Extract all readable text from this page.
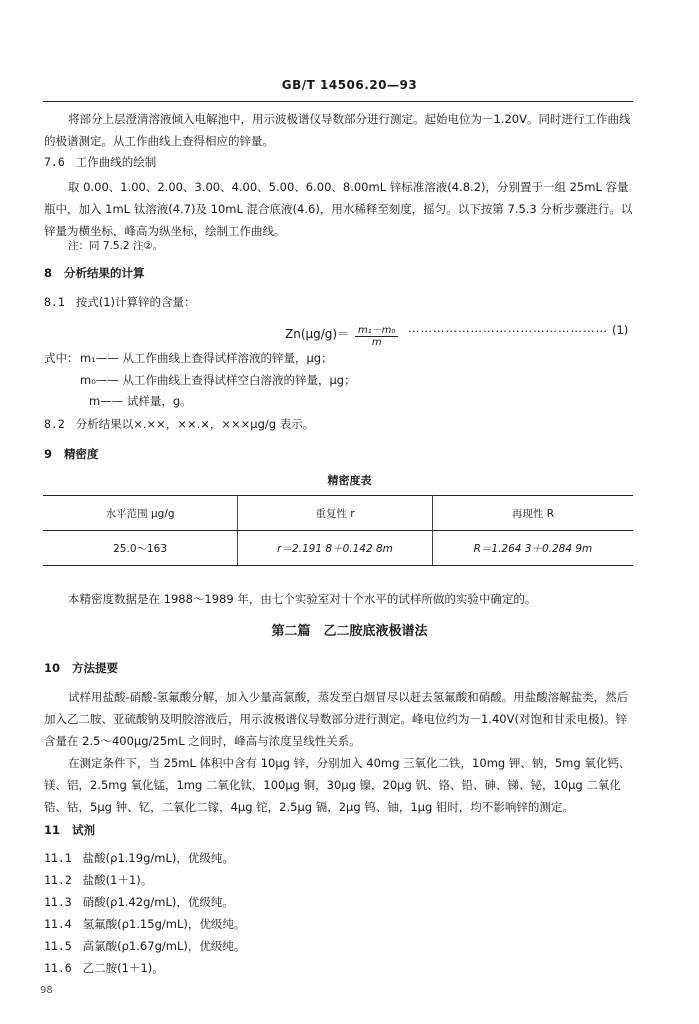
GB/T 14506.20—93
将部分上层澄清溶液倾入电解池中，用示波极谱仪导数部分进行测定。起始电位为－1.20V。同时进行工作曲线的极谱测定。从工作曲线上查得相应的锌量。
7.6 工作曲线的绘制
取 0.00、1.00、2.00、3.00、4.00、5.00、6.00、8.00mL 锌标准溶液(4.8.2)，分别置于一组 25mL 容量瓶中，加入 1mL 钛溶液(4.7)及 10mL 混合底液(4.6)，用水稀释至刻度，摇匀。以下按第 7.5.3 分析步骤进行。以锌量为横坐标，峰高为纵坐标，绘制工作曲线。
注：同 7.5.2 注②。
8 分析结果的计算
8.1 按式(1)计算锌的含量：
$Zn(\mu g/g)= \frac{\text{m₁－m₀}}{m}$ ………………………………………… (1)
式中： m₁—— 从工作曲线上查得试样溶液的锌量，μg；
m₀—— 从工作曲线上查得试样空白溶液的锌量，μg；
m—— 试样量，g。
8.2 分析结果以×.××，××.×，×××μg/g 表示。
9 精密度
精密度表
水平范围 μg/g	重复性 r	再现性 R
25.0～163	r＝2.191 8＋0.142 8m	R＝1.264 3＋0.284 9m
本精密度数据是在 1988～1989 年，由七个实验室对十个水平的试样所做的实验中确定的。
第二篇　乙二胺底液极谱法
10 方法提要
试样用盐酸-硝酸-氢氟酸分解，加入少量高氯酸，蒸发至白烟冒尽以赶去氢氟酸和硝酸。用盐酸溶解盐类，然后加入乙二胺、亚硫酸钠及明胶溶液后，用示波极谱仪导数部分进行测定。峰电位约为－1.40V(对饱和甘汞电极)。锌含量在 2.5～400μg/25mL 之间时，峰高与浓度呈线性关系。
在测定条件下，当 25mL 体积中含有 10μg 锌，分别加入 40mg 三氧化二铁，10mg 钾、钠，5mg 氧化钙、镁、铝，2.5mg 氧化锰，1mg 二氧化钛，100μg 铜，30μg 镍，20μg 钒、铬、铅、砷、锑、铋，10μg 二氧化锆、钴，5μg 钟、钇，二氧化二镓，4μg 铊，2.5μg 镉，2μg 钨、铀，1μg 钼时，均不影响锌的测定。
11 试剂
11.1 盐酸(ρ1.19g/mL)，优级纯。
11.2 盐酸(1＋1)。
11.3 硝酸(ρ1.42g/mL)，优级纯。
11.4 氢氟酸(ρ1.15g/mL)，优级纯。
11.5 高氯酸(ρ1.67g/mL)，优级纯。
11.6 乙二胺(1＋1)。
98
